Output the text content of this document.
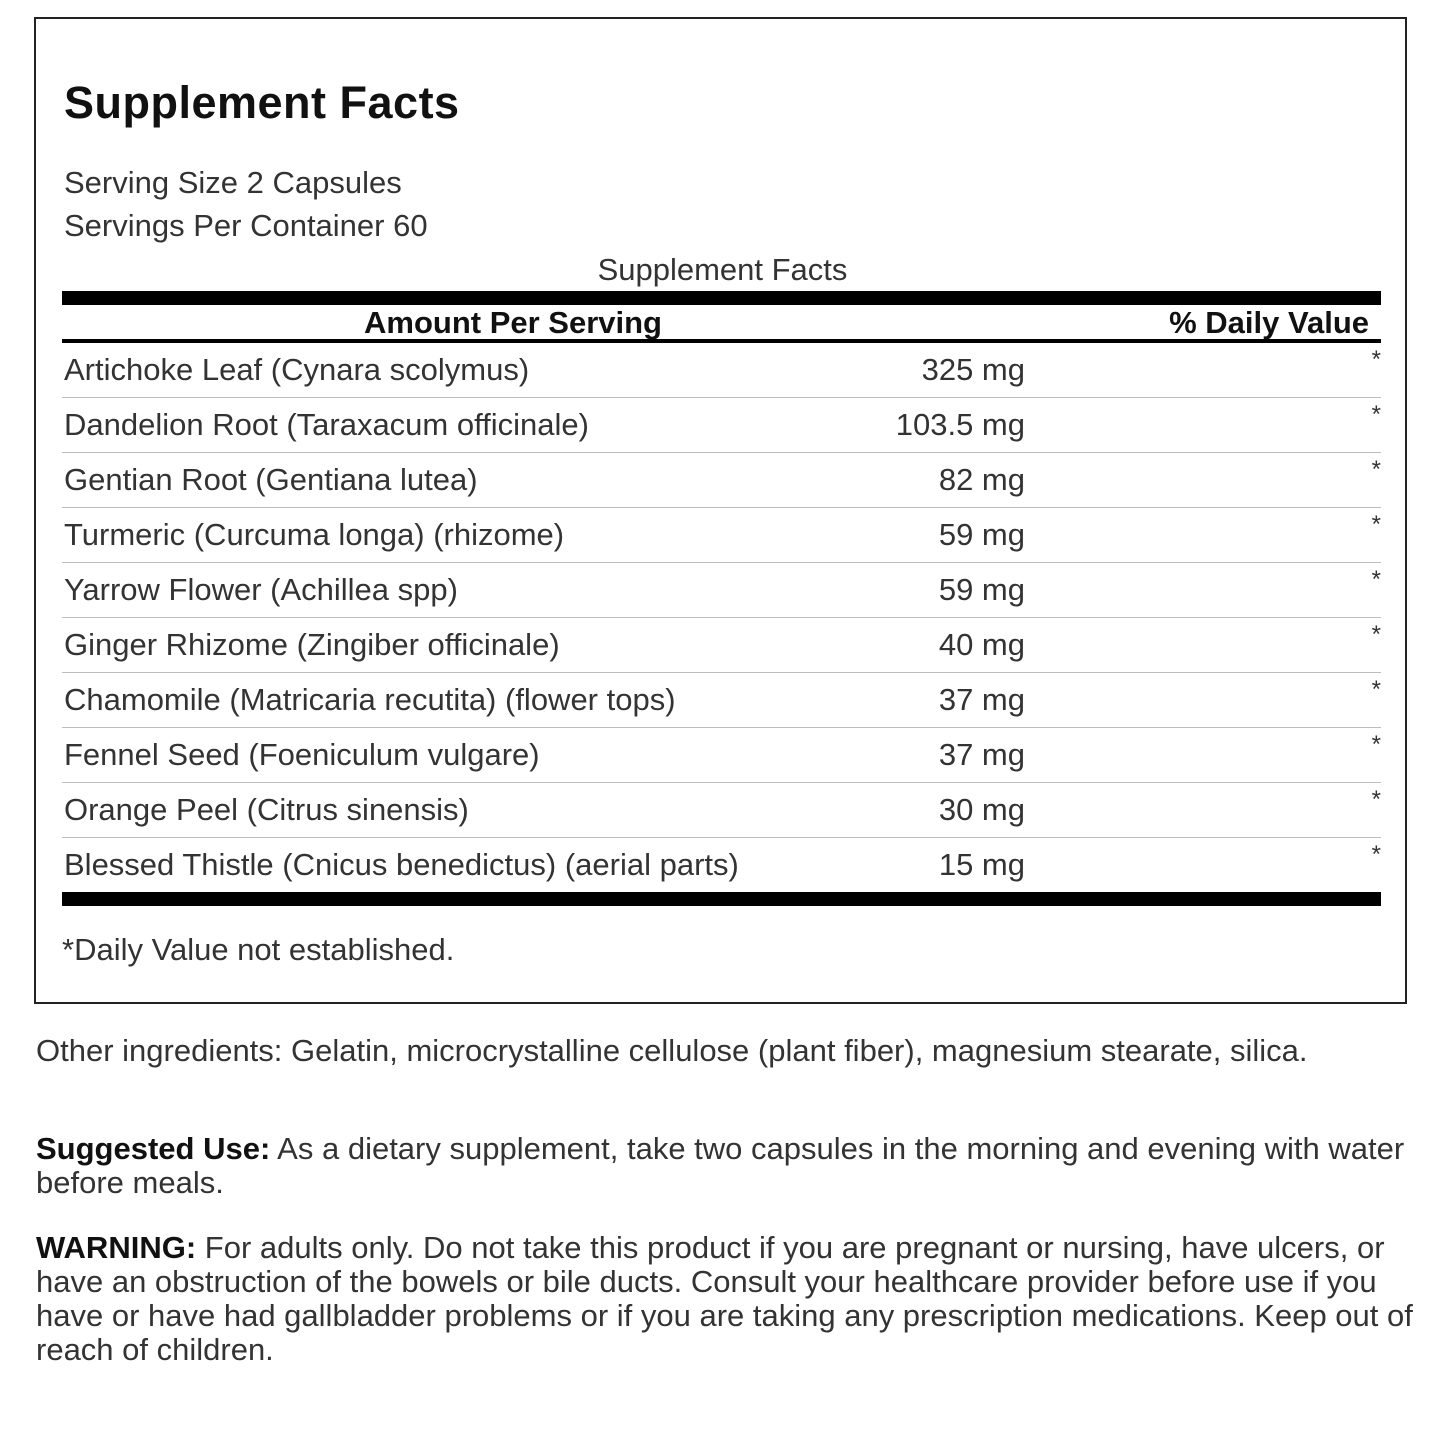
Supplement Facts
Serving Size 2 Capsules
Servings Per Container 60
Supplement Facts
Amount Per Serving	% Daily Value
Artichoke Leaf (Cynara scolymus)	325 mg	*
Dandelion Root (Taraxacum officinale)	103.5 mg	*
Gentian Root (Gentiana lutea)	82 mg	*
Turmeric (Curcuma longa) (rhizome)	59 mg	*
Yarrow Flower (Achillea spp)	59 mg	*
Ginger Rhizome (Zingiber officinale)	40 mg	*
Chamomile (Matricaria recutita) (flower tops)	37 mg	*
Fennel Seed (Foeniculum vulgare)	37 mg	*
Orange Peel (Citrus sinensis)	30 mg	*
Blessed Thistle (Cnicus benedictus) (aerial parts)	15 mg	*
*Daily Value not established.

Other ingredients: Gelatin, microcrystalline cellulose (plant fiber), magnesium stearate, silica.

Suggested Use: As a dietary supplement, take two capsules in the morning and evening with water before meals.

WARNING: For adults only. Do not take this product if you are pregnant or nursing, have ulcers, or have an obstruction of the bowels or bile ducts. Consult your healthcare provider before use if you have or have had gallbladder problems or if you are taking any prescription medications. Keep out of reach of children.
